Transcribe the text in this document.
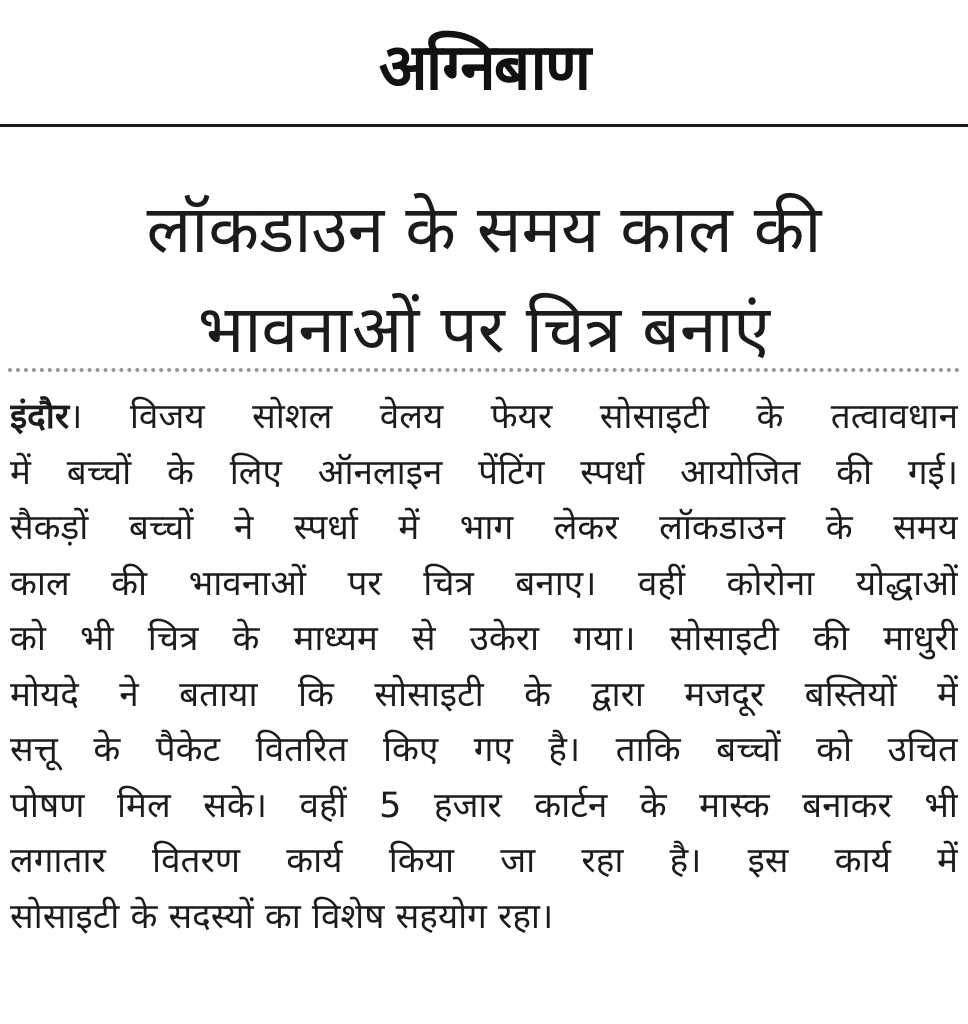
अग्निबाण
लॉकडाउन के समय काल की
भावनाओं पर चित्र बनाएं
इंदौर। विजय सोशल वेलय फेयर सोसाइटी के तत्वावधान
में बच्चों के लिए ऑनलाइन पेंटिंग स्पर्धा आयोजित की गई।
सैकड़ों बच्चों ने स्पर्धा में भाग लेकर लॉकडाउन के समय
काल की भावनाओं पर चित्र बनाए। वहीं कोरोना योद्धाओं
को भी चित्र के माध्यम से उकेरा गया। सोसाइटी की माधुरी
मोयदे ने बताया कि सोसाइटी के द्वारा मजदूर बस्तियों में
सत्तू के पैकेट वितरित किए गए है। ताकि बच्चों को उचित
पोषण मिल सके। वहीं 5 हजार कार्टन के मास्क बनाकर भी
लगातार वितरण कार्य किया जा रहा है। इस कार्य में
सोसाइटी के सदस्यों का विशेष सहयोग रहा।
